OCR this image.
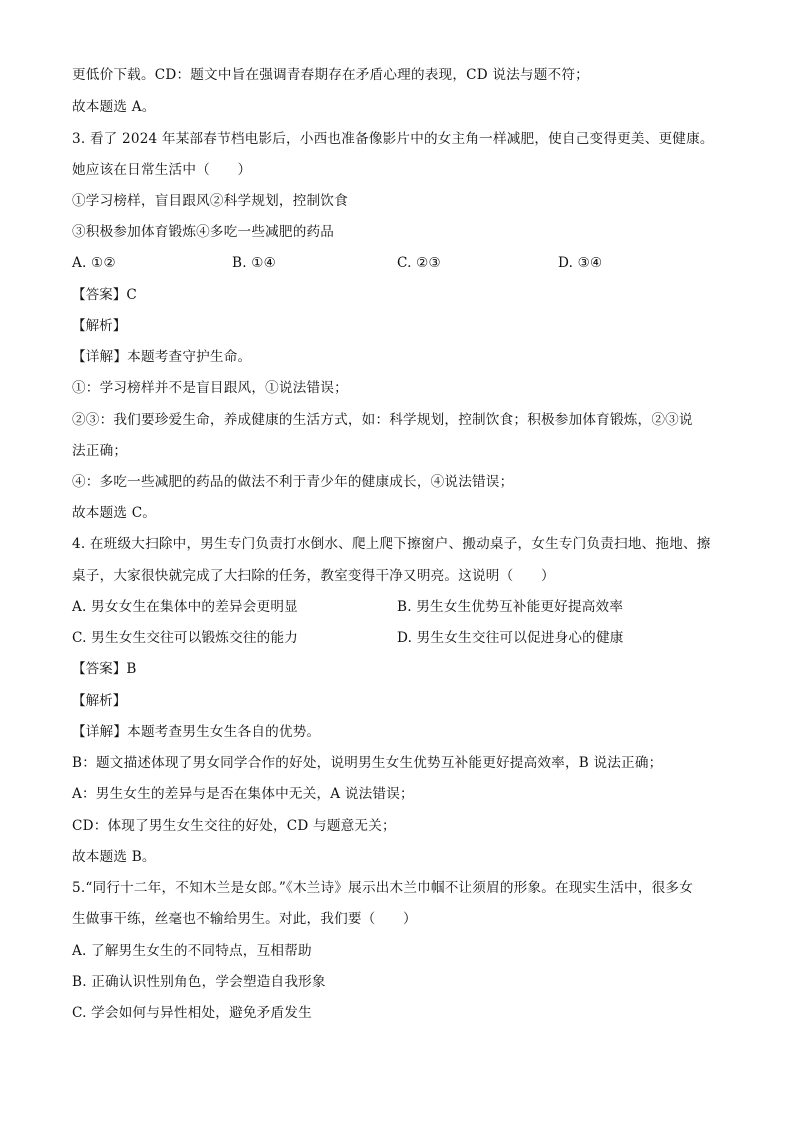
更低价下载。CD：题文中旨在强调青春期存在矛盾心理的表现，CD 说法与题不符；
故本题选 A。
3. 看了 2024 年某部春节档电影后，小西也准备像影片中的女主角一样减肥，使自己变得更美、更健康。
她应该在日常生活中（　　）
①学习榜样，盲目跟风②科学规划，控制饮食
③积极参加体育锻炼④多吃一些减肥的药品
A. ①②	B. ①④	C. ②③	D. ③④
【答案】C
【解析】
【详解】本题考查守护生命。
①：学习榜样并不是盲目跟风，①说法错误；
②③：我们要珍爱生命，养成健康的生活方式，如：科学规划，控制饮食；积极参加体育锻炼，②③说
法正确；
④：多吃一些减肥的药品的做法不利于青少年的健康成长，④说法错误；
故本题选 C。
4. 在班级大扫除中，男生专门负责打水倒水、爬上爬下擦窗户、搬动桌子，女生专门负责扫地、拖地、擦
桌子，大家很快就完成了大扫除的任务，教室变得干净又明亮。这说明（　　）
A. 男女女生在集体中的差异会更明显	B. 男生女生优势互补能更好提高效率
C. 男生女生交往可以锻炼交往的能力	D. 男生女生交往可以促进身心的健康
【答案】B
【解析】
【详解】本题考查男生女生各自的优势。
B：题文描述体现了男女同学合作的好处，说明男生女生优势互补能更好提高效率，B 说法正确；
A：男生女生的差异与是否在集体中无关，A 说法错误；
CD：体现了男生女生交往的好处，CD 与题意无关；
故本题选 B。
5.“同行十二年，不知木兰是女郎。”《木兰诗》展示出木兰巾帼不让须眉的形象。在现实生活中，很多女
生做事干练，丝毫也不输给男生。对此，我们要（　　）
A. 了解男生女生的不同特点，互相帮助
B. 正确认识性别角色，学会塑造自我形象
C. 学会如何与异性相处，避免矛盾发生
